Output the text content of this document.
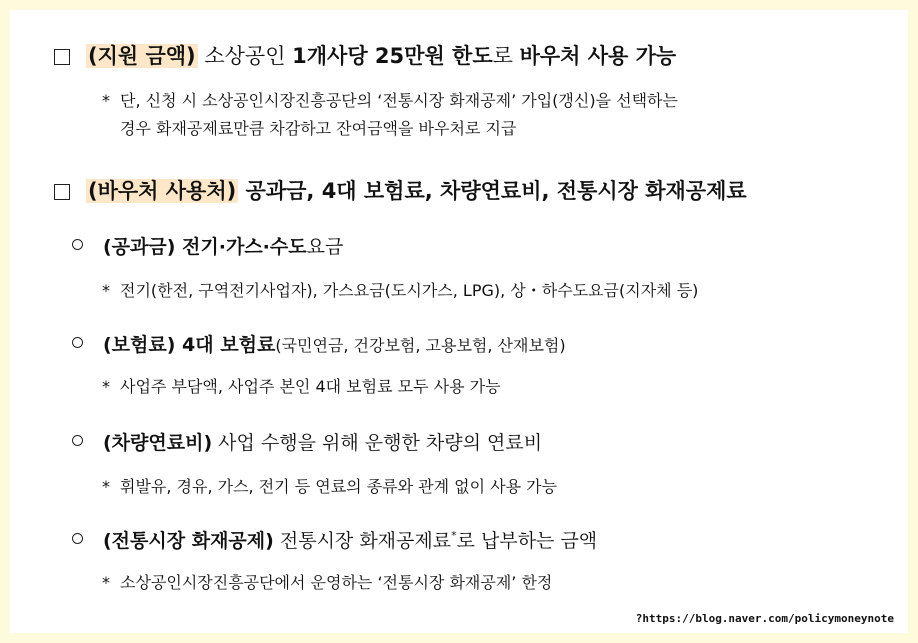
(지원 금액) 소상공인 1개사당 25만원 한도로 바우처 사용 가능
* 단, 신청 시 소상공인시장진흥공단의 ‘전통시장 화재공제’ 가입(갱신)을 선택하는
경우 화재공제료만큼 차감하고 잔여금액을 바우처로 지급
(바우처 사용처) 공과금, 4대 보험료, 차량연료비, 전통시장 화재공제료
(공과금) 전기·가스·수도요금
* 전기(한전, 구역전기사업자), 가스요금(도시가스, LPG), 상・하수도요금(지자체 등)
(보험료) 4대 보험료(국민연금, 건강보험, 고용보험, 산재보험)
* 사업주 부담액, 사업주 본인 4대 보험료 모두 사용 가능
(차량연료비) 사업 수행을 위해 운행한 차량의 연료비
* 휘발유, 경유, 가스, 전기 등 연료의 종류와 관계 없이 사용 가능
(전통시장 화재공제) 전통시장 화재공제료*로 납부하는 금액
* 소상공인시장진흥공단에서 운영하는 ‘전통시장 화재공제’ 한정
?https://blog.naver.com/policymoneynote
